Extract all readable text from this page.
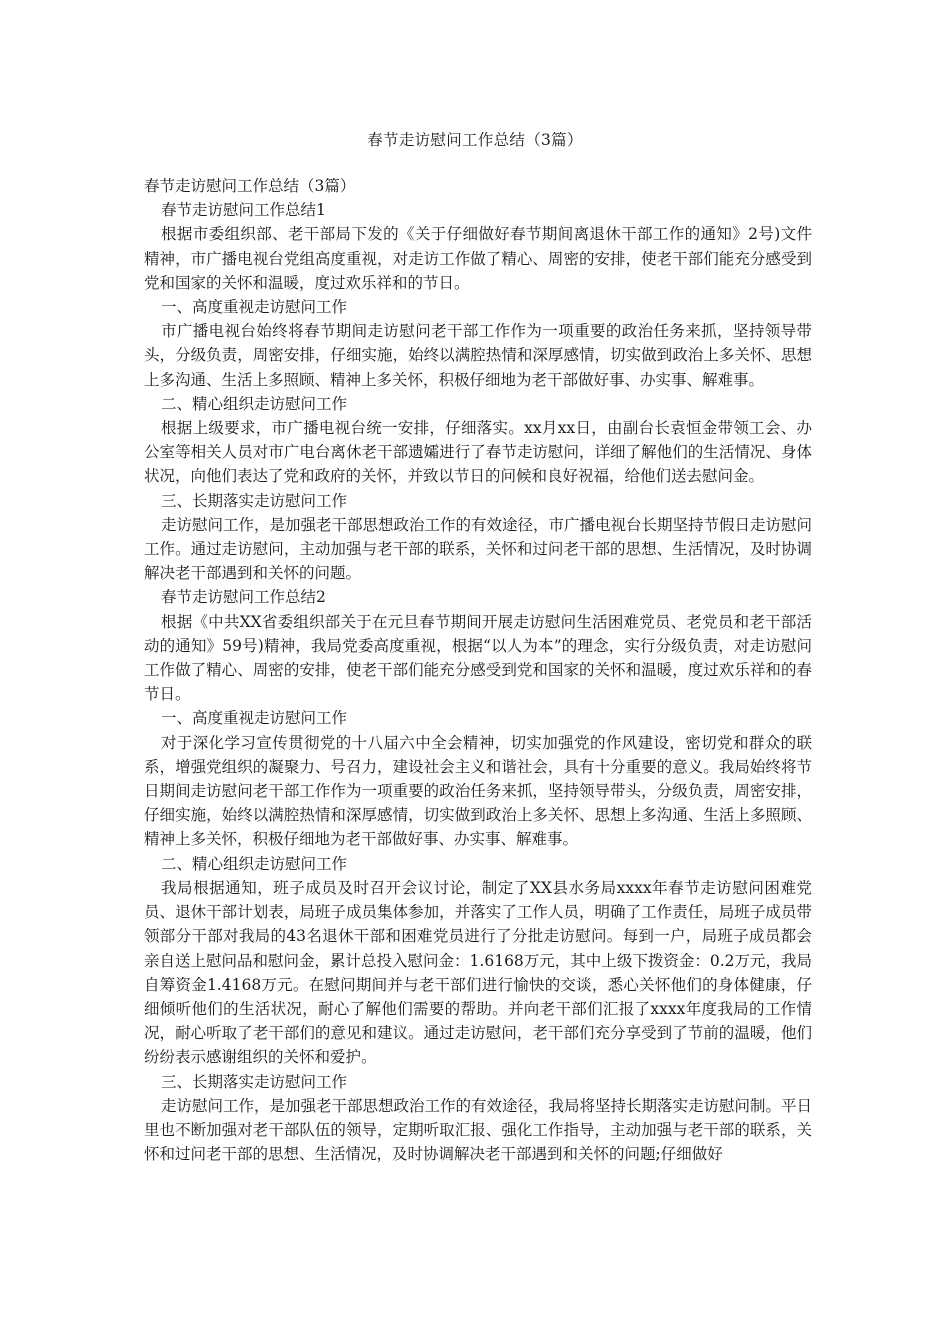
春节走访慰问工作总结（3篇）

春节走访慰问工作总结（3篇）

春节走访慰问工作总结1

根据市委组织部、老干部局下发的《关于仔细做好春节期间离退休干部工作的通知》2号)文件精神，市广播电视台党组高度重视，对走访工作做了精心、周密的安排，使老干部们能充分感受到党和国家的关怀和温暖，度过欢乐祥和的节日。

一、高度重视走访慰问工作

市广播电视台始终将春节期间走访慰问老干部工作作为一项重要的政治任务来抓，坚持领导带头，分级负责，周密安排，仔细实施，始终以满腔热情和深厚感情，切实做到政治上多关怀、思想上多沟通、生活上多照顾、精神上多关怀，积极仔细地为老干部做好事、办实事、解难事。

二、精心组织走访慰问工作

根据上级要求，市广播电视台统一安排，仔细落实。xx月xx日，由副台长袁恒金带领工会、办公室等相关人员对市广电台离休老干部遗孀进行了春节走访慰问，详细了解他们的生活情况、身体状况，向他们表达了党和政府的关怀，并致以节日的问候和良好祝福，给他们送去慰问金。

三、长期落实走访慰问工作

走访慰问工作，是加强老干部思想政治工作的有效途径，市广播电视台长期坚持节假日走访慰问工作。通过走访慰问，主动加强与老干部的联系，关怀和过问老干部的思想、生活情况，及时协调解决老干部遇到和关怀的问题。

春节走访慰问工作总结2

根据《中共XX省委组织部关于在元旦春节期间开展走访慰问生活困难党员、老党员和老干部活动的通知》59号)精神，我局党委高度重视，根据“以人为本”的理念，实行分级负责，对走访慰问工作做了精心、周密的安排，使老干部们能充分感受到党和国家的关怀和温暖，度过欢乐祥和的春节日。

一、高度重视走访慰问工作

对于深化学习宣传贯彻党的十八届六中全会精神，切实加强党的作风建设，密切党和群众的联系，增强党组织的凝聚力、号召力，建设社会主义和谐社会，具有十分重要的意义。我局始终将节日期间走访慰问老干部工作作为一项重要的政治任务来抓，坚持领导带头，分级负责，周密安排，仔细实施，始终以满腔热情和深厚感情，切实做到政治上多关怀、思想上多沟通、生活上多照顾、精神上多关怀，积极仔细地为老干部做好事、办实事、解难事。

二、精心组织走访慰问工作

我局根据通知，班子成员及时召开会议讨论，制定了XX县水务局xxxx年春节走访慰问困难党员、退休干部计划表，局班子成员集体参加，并落实了工作人员，明确了工作责任，局班子成员带领部分干部对我局的43名退休干部和困难党员进行了分批走访慰问。每到一户，局班子成员都会亲自送上慰问品和慰问金，累计总投入慰问金：1.6168万元，其中上级下拨资金：0.2万元，我局自筹资金1.4168万元。在慰问期间并与老干部们进行愉快的交谈，悉心关怀他们的身体健康，仔细倾听他们的生活状况，耐心了解他们需要的帮助。并向老干部们汇报了xxxx年度我局的工作情况，耐心听取了老干部们的意见和建议。通过走访慰问，老干部们充分享受到了节前的温暖，他们纷纷表示感谢组织的关怀和爱护。

三、长期落实走访慰问工作

走访慰问工作，是加强老干部思想政治工作的有效途径，我局将坚持长期落实走访慰问制。平日里也不断加强对老干部队伍的领导，定期听取汇报、强化工作指导，主动加强与老干部的联系，关怀和过问老干部的思想、生活情况，及时协调解决老干部遇到和关怀的问题;仔细做好
